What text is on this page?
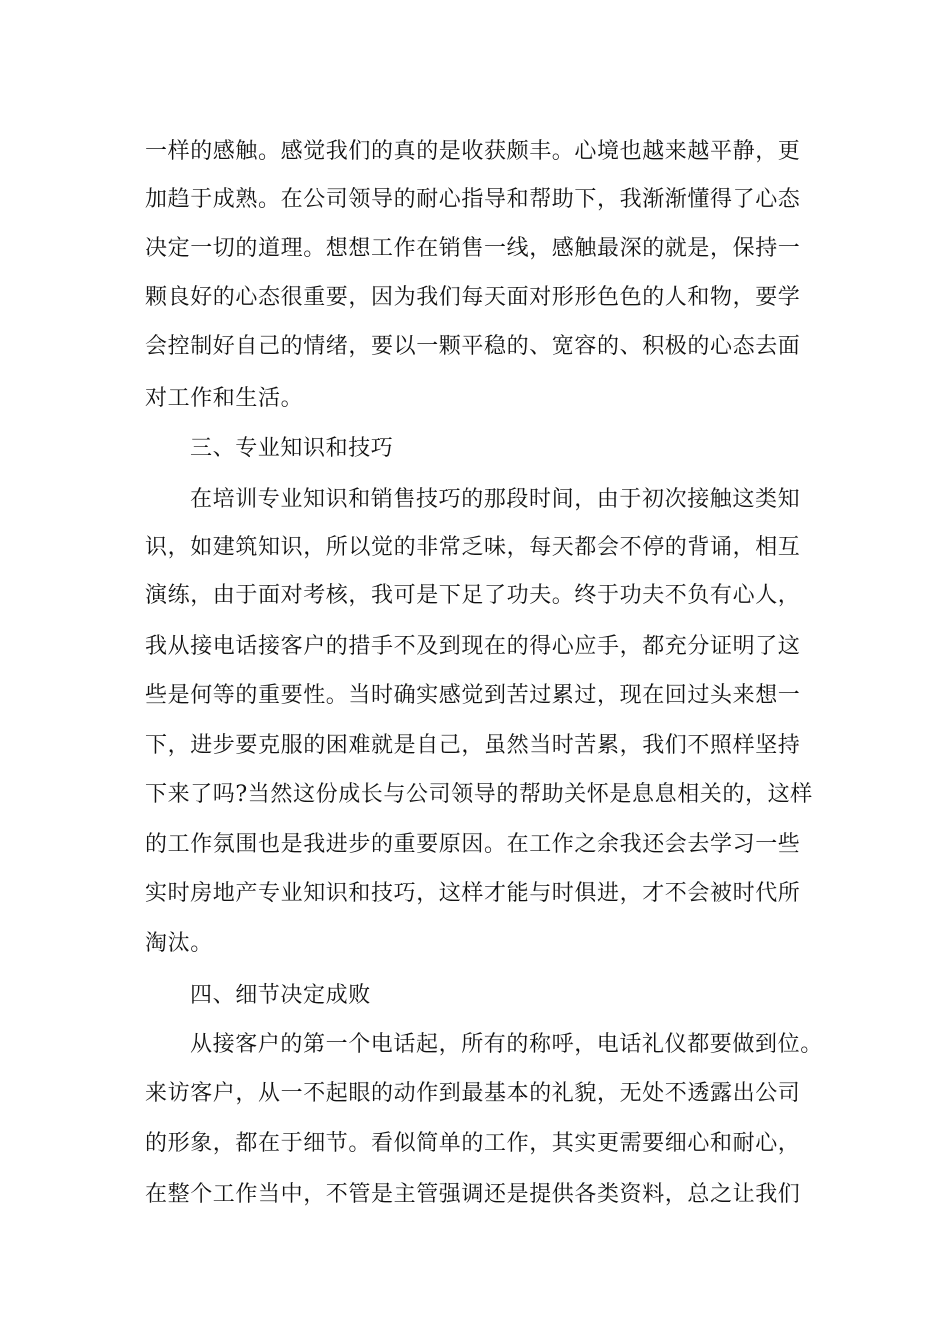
一样的感触。感觉我们的真的是收获颇丰。心境也越来越平静，更
加趋于成熟。在公司领导的耐心指导和帮助下，我渐渐懂得了心态
决定一切的道理。想想工作在销售一线，感触最深的就是，保持一
颗良好的心态很重要，因为我们每天面对形形色色的人和物，要学
会控制好自己的情绪，要以一颗平稳的、宽容的、积极的心态去面
对工作和生活。
三、专业知识和技巧
在培训专业知识和销售技巧的那段时间，由于初次接触这类知
识，如建筑知识，所以觉的非常乏味，每天都会不停的背诵，相互
演练，由于面对考核，我可是下足了功夫。终于功夫不负有心人，
我从接电话接客户的措手不及到现在的得心应手，都充分证明了这
些是何等的重要性。当时确实感觉到苦过累过，现在回过头来想一
下，进步要克服的困难就是自己，虽然当时苦累，我们不照样坚持
下来了吗?当然这份成长与公司领导的帮助关怀是息息相关的，这样
的工作氛围也是我进步的重要原因。在工作之余我还会去学习一些
实时房地产专业知识和技巧，这样才能与时俱进，才不会被时代所
淘汰。
四、细节决定成败
从接客户的第一个电话起，所有的称呼，电话礼仪都要做到位。
来访客户，从一不起眼的动作到最基本的礼貌，无处不透露出公司
的形象，都在于细节。看似简单的工作，其实更需要细心和耐心，
在整个工作当中，不管是主管强调还是提供各类资料，总之让我们
